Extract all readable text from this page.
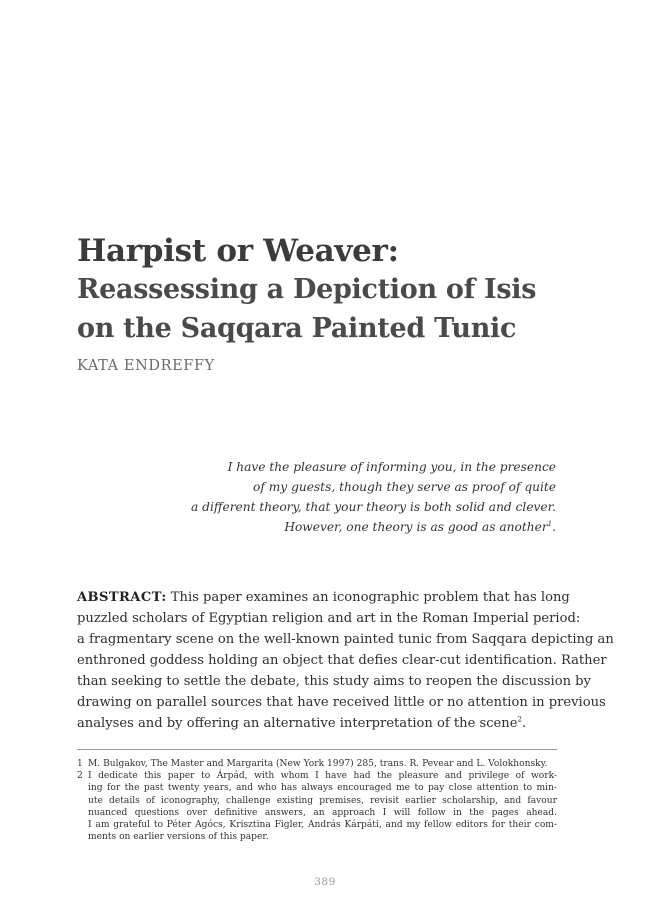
Harpist or Weaver:
Reassessing a Depiction of Isis
on the Saqqara Painted Tunic
KATA ENDREFFY
I have the pleasure of informing you, in the presence
of my guests, though they serve as proof of quite
a different theory, that your theory is both solid and clever.
However, one theory is as good as another$^1$.
ABSTRACT: This paper examines an iconographic problem that has long
puzzled scholars of Egyptian religion and art in the Roman Imperial period:
a fragmentary scene on the well-known painted tunic from Saqqara depicting an
enthroned goddess holding an object that defies clear-cut identification. Rather
than seeking to settle the debate, this study aims to reopen the discussion by
drawing on parallel sources that have received little or no attention in previous
analyses and by offering an alternative interpretation of the scene$^2$.
1 M. Bulgakov, The Master and Margarita (New York 1997) 285, trans. R. Pevear and L. Volokhonsky.
2 I dedicate this paper to Árpád, with whom I have had the pleasure and privilege of work-
ing for the past twenty years, and who has always encouraged me to pay close attention to min-
ute details of iconography, challenge existing premises, revisit earlier scholarship, and favour
nuanced questions over definitive answers, an approach I will follow in the pages ahead.
I am grateful to Péter Agócs, Krisztina Figler, András Kárpáti, and my fellow editors for their com-
ments on earlier versions of this paper.
389
